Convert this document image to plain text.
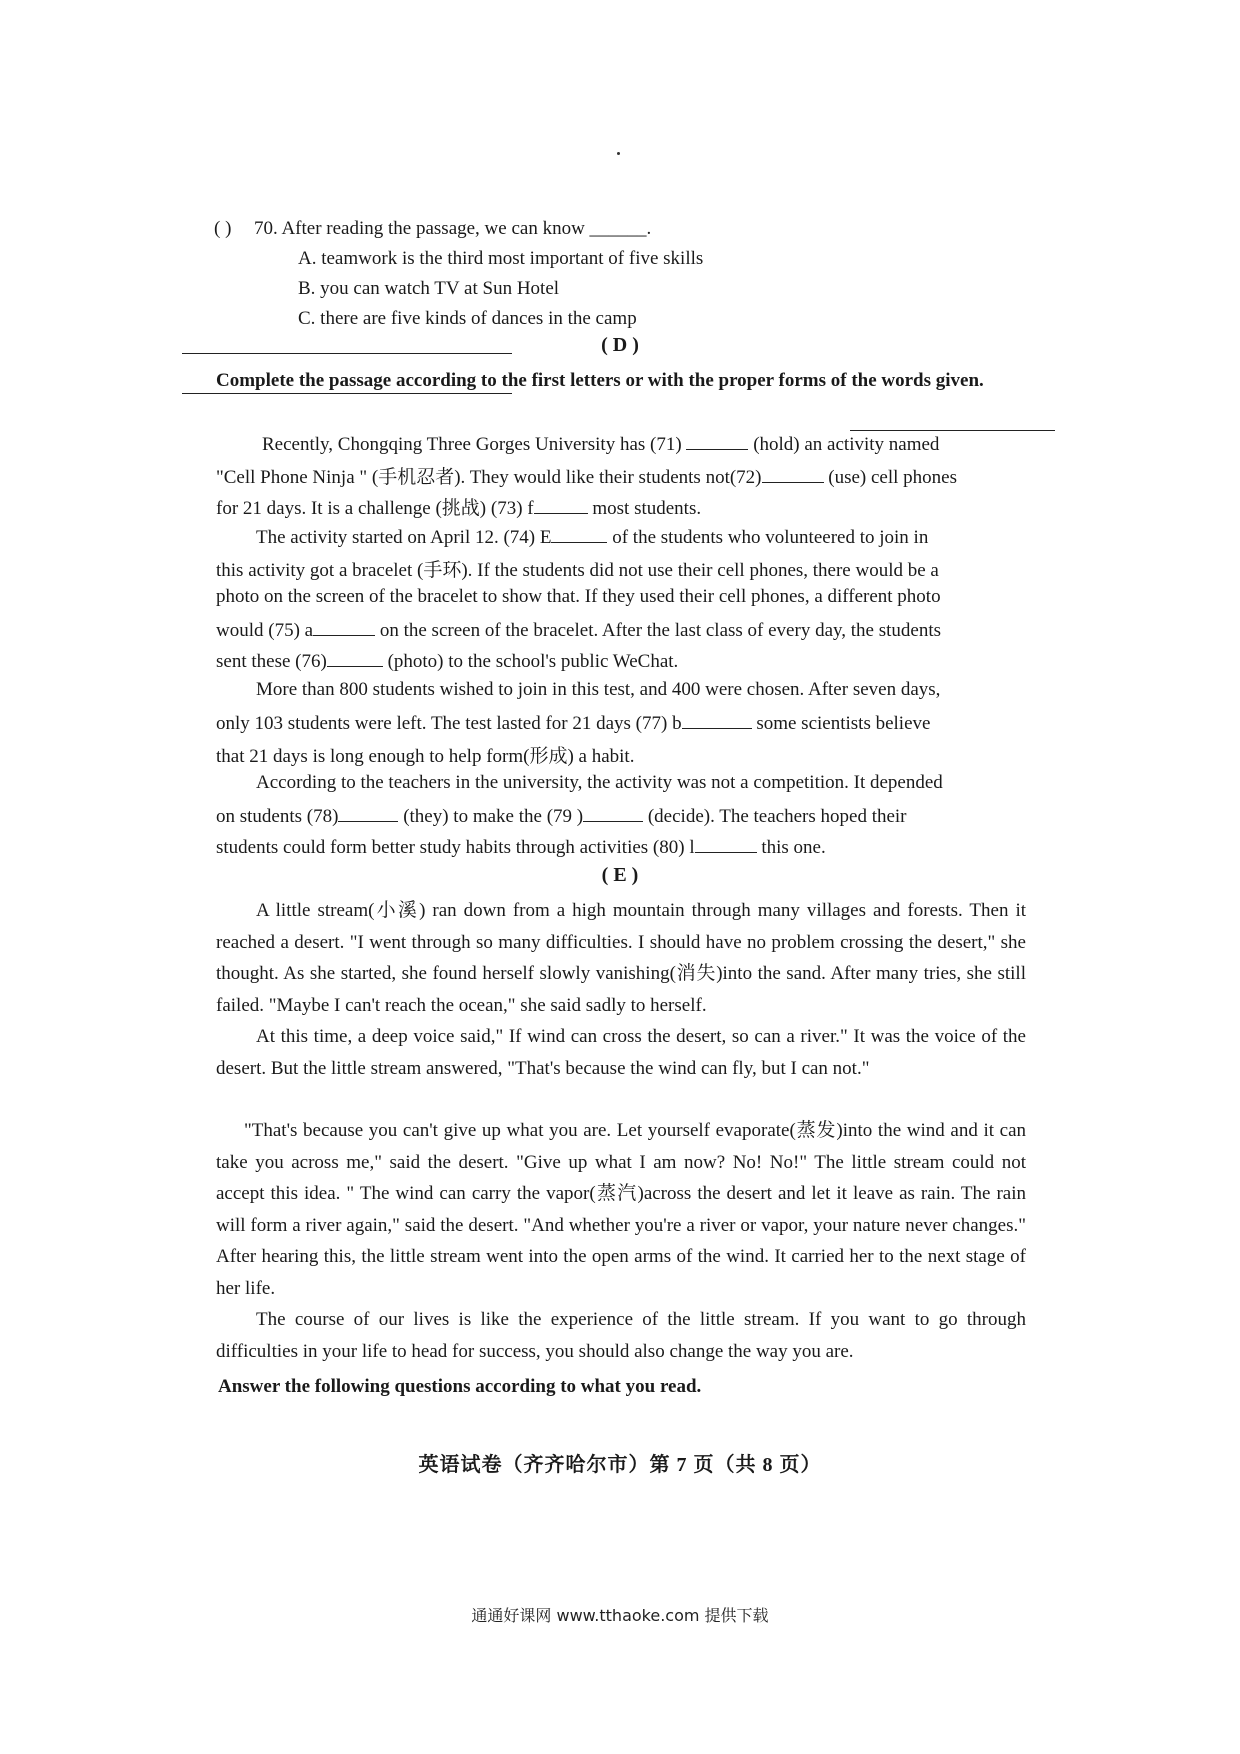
( ) 70. After reading the passage, we can know ______.
A. teamwork is the third most important of five skills
B. you can watch TV at Sun Hotel
C. there are five kinds of dances in the camp
( D )
Complete the passage according to the first letters or with the proper forms of the words given.
Recently, Chongqing Three Gorges University has (71)	(hold) an activity named
"Cell Phone Ninja " (手机忍者). They would like their students not(72)	(use) cell phones
for 21 days. It is a challenge (挑战) (73) f	most students.
The activity started on April 12. (74) E	of the students who volunteered to join in
this activity got a bracelet (手环). If the students did not use their cell phones, there would be a
photo on the screen of the bracelet to show that. If they used their cell phones, a different photo
would (75) a	on the screen of the bracelet. After the last class of every day, the students
sent these (76)	(photo) to the school's public WeChat.
More than 800 students wished to join in this test, and 400 were chosen. After seven days,
only 103 students were left. The test lasted for 21 days (77) b	some scientists believe
that 21 days is long enough to help form(形成) a habit.
According to the teachers in the university, the activity was not a competition. It depended
on students (78)	(they) to make the (79 )	(decide). The teachers hoped their
students could form better study habits through activities (80) l	this one.
( E )
A little stream(小溪) ran down from a high mountain through many villages and forests. Then it reached a desert. "I went through so many difficulties. I should have no problem crossing the desert," she thought. As she started, she found herself slowly vanishing(消失)into the sand. After many tries, she still failed. "Maybe I can't reach the ocean," she said sadly to herself.
At this time, a deep voice said," If wind can cross the desert, so can a river." It was the voice of the desert. But the little stream answered, "That's because the wind can fly, but I can not."
"That's because you can't give up what you are. Let yourself evaporate(蒸发)into the wind and it can take you across me," said the desert. "Give up what I am now? No! No!" The little stream could not accept this idea. " The wind can carry the vapor(蒸汽)across the desert and let it leave as rain. The rain will form a river again," said the desert. "And whether you're a river or vapor, your nature never changes." After hearing this, the little stream went into the open arms of the wind. It carried her to the next stage of her life.
The course of our lives is like the experience of the little stream. If you want to go through difficulties in your life to head for success, you should also change the way you are.
Answer the following questions according to what you read.
英语试卷（齐齐哈尔市）第 7 页（共 8 页）
通通好课网 www.tthaoke.com 提供下载
